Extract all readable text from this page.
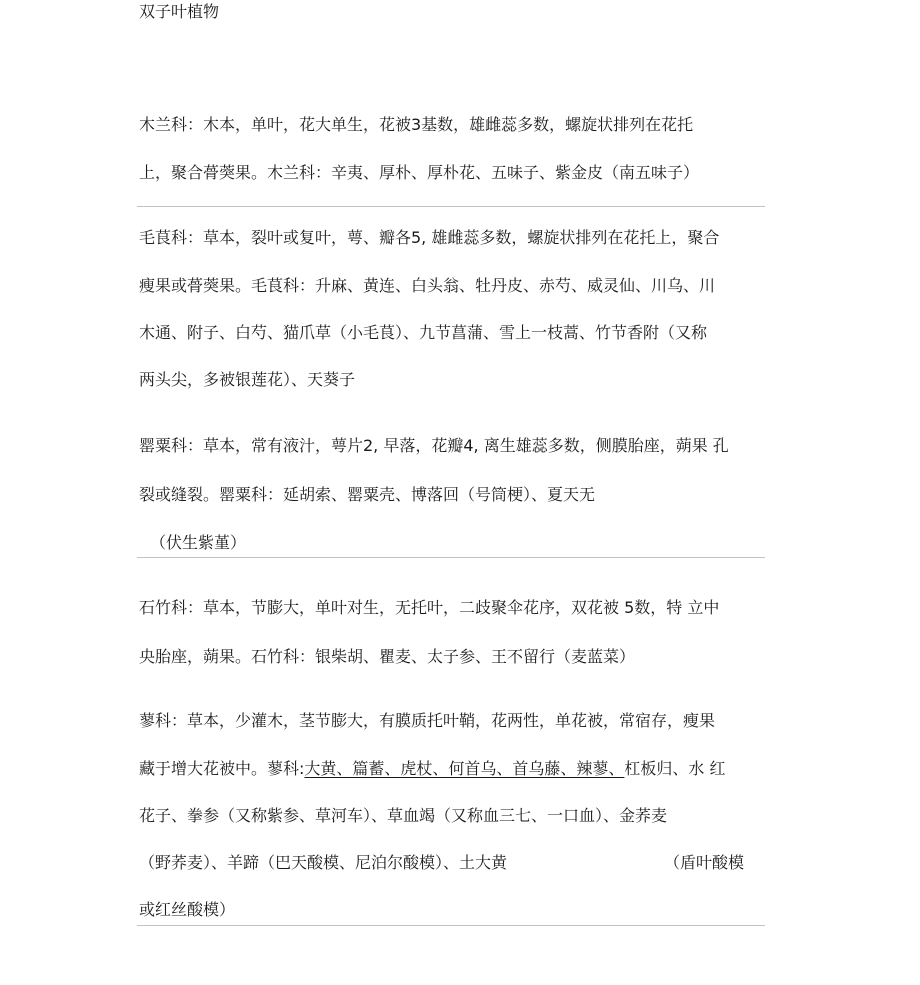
双子叶植物
木兰科：木本，单叶，花大单生，花被3基数，雄雌蕊多数，螺旋状排列在花托
上，聚合蓇葖果。木兰科：辛夷、厚朴、厚朴花、五味子、紫金皮（南五味子）
毛茛科：草本，裂叶或复叶，萼、瓣各5, 雄雌蕊多数，螺旋状排列在花托上，聚合
瘦果或蓇葖果。毛茛科：升麻、黄连、白头翁、牡丹皮、赤芍、威灵仙、川乌、川
木通、附子、白芍、猫爪草（小毛茛）、九节菖蒲、雪上一枝蒿、竹节香附（又称
两头尖，多被银莲花）、天葵子
罂粟科：草本，常有液汁，萼片2, 早落，花瓣4, 离生雄蕊多数，侧膜胎座，蒴果 孔
裂或缝裂。罂粟科：延胡索、罂粟壳、博落回（号筒梗）、夏天无
（伏生紫堇）
石竹科：草本，节膨大，单叶对生，无托叶，二歧聚伞花序，双花被 5数，特 立中
央胎座，蒴果。石竹科：银柴胡、瞿麦、太子参、王不留行（麦蓝菜）
蓼科：草本，少灌木，茎节膨大，有膜质托叶鞘，花两性，单花被，常宿存，瘦果
藏于增大花被中。蓼科:大黄、篇蓄、虎杖、何首乌、首乌藤、辣蓼、杠板归、水 红
花子、拳参（又称紫参、草河车）、草血竭（又称血三七、一口血）、金荞麦
（野荞麦）、羊蹄（巴天酸模、尼泊尔酸模）、土大黄	（盾叶酸模
或红丝酸模）
